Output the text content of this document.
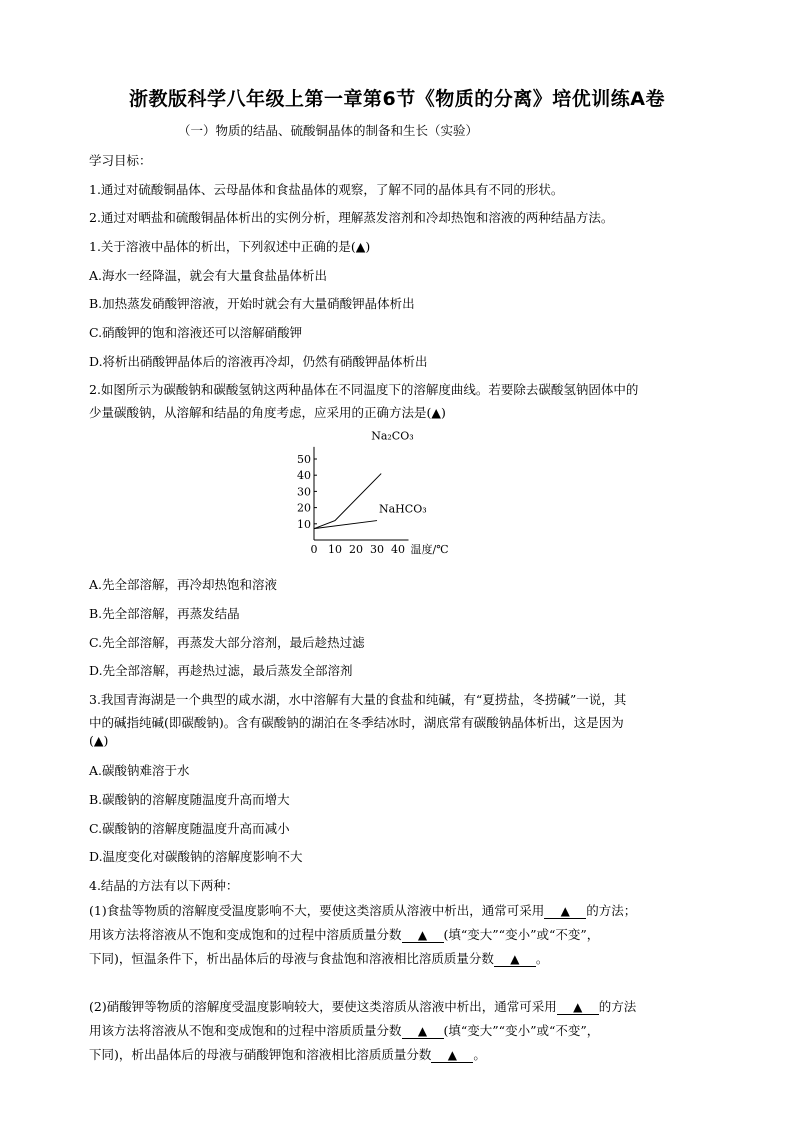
浙教版科学八年级上第一章第6节《物质的分离》培优训练A卷
（一）物质的结晶、硫酸铜晶体的制备和生长（实验）
学习目标：
1.通过对硫酸铜晶体、云母晶体和食盐晶体的观察，了解不同的晶体具有不同的形状。
2.通过对晒盐和硫酸铜晶体析出的实例分析，理解蒸发溶剂和冷却热饱和溶液的两种结晶方法。
1.关于溶液中晶体的析出，下列叙述中正确的是(▲)
A.海水一经降温，就会有大量食盐晶体析出
B.加热蒸发硝酸钾溶液，开始时就会有大量硝酸钾晶体析出
C.硝酸钾的饱和溶液还可以溶解硝酸钾
D.将析出硝酸钾晶体后的溶液再冷却，仍然有硝酸钾晶体析出
2.如图所示为碳酸钠和碳酸氢钠这两种晶体在不同温度下的溶解度曲线。若要除去碳酸氢钠固体中的
少量碳酸钠，从溶解和结晶的角度考虑，应采用的正确方法是(▲)
10
20
30
40
50
0 10 20 30 40 温度/℃
Na₂CO₃
NaHCO₃
A.先全部溶解，再冷却热饱和溶液
B.先全部溶解，再蒸发结晶
C.先全部溶解，再蒸发大部分溶剂，最后趁热过滤
D.先全部溶解，再趁热过滤，最后蒸发全部溶剂
3.我国青海湖是一个典型的咸水湖，水中溶解有大量的食盐和纯碱，有“夏捞盐，冬捞碱”一说，其
中的碱指纯碱(即碳酸钠)。含有碳酸钠的湖泊在冬季结冰时，湖底常有碳酸钠晶体析出，这是因为
(▲)
A.碳酸钠难溶于水
B.碳酸钠的溶解度随温度升高而增大
C.碳酸钠的溶解度随温度升高而减小
D.温度变化对碳酸钠的溶解度影响不大
4.结晶的方法有以下两种：
(1)食盐等物质的溶解度受温度影响不大，要使这类溶质从溶液中析出，通常可采用 ▲ 的方法；
用该方法将溶液从不饱和变成饱和的过程中溶质质量分数 ▲ (填“变大”“变小”或“不变”，
下同)，恒温条件下，析出晶体后的母液与食盐饱和溶液相比溶质质量分数 ▲ 。
(2)硝酸钾等物质的溶解度受温度影响较大，要使这类溶质从溶液中析出，通常可采用 ▲ 的方法
用该方法将溶液从不饱和变成饱和的过程中溶质质量分数 ▲ (填“变大”“变小”或“不变”，
下同)，析出晶体后的母液与硝酸钾饱和溶液相比溶质质量分数 ▲ 。
